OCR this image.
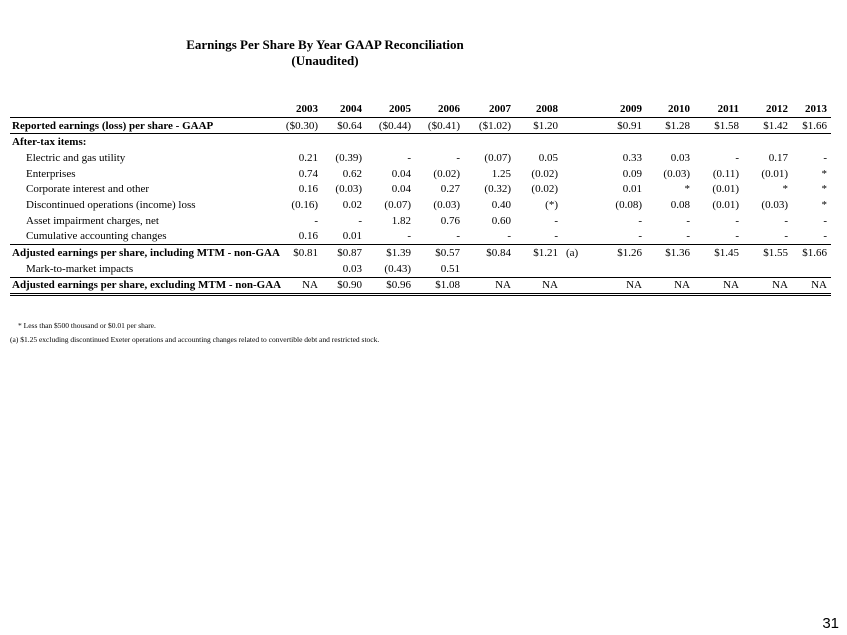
Earnings Per Share By Year GAAP Reconciliation
(Unaudited)
	2003	2004	2005	2006	2007	2008		2009	2010	2011	2012	2013
Reported earnings (loss) per share - GAAP	($0.30)	$0.64	($0.44)	($0.41)	($1.02)	$1.20		$0.91	$1.28	$1.58	$1.42	$1.66
After-tax items:												
Electric and gas utility	0.21	(0.39)	-	-	(0.07)	0.05		0.33	0.03	-	0.17	-
Enterprises	0.74	0.62	0.04	(0.02)	1.25	(0.02)		0.09	(0.03)	(0.11)	(0.01)	*
Corporate interest and other	0.16	(0.03)	0.04	0.27	(0.32)	(0.02)		0.01	*	(0.01)	*	*
Discontinued operations (income) loss	(0.16)	0.02	(0.07)	(0.03)	0.40	(*)		(0.08)	0.08	(0.01)	(0.03)	*
Asset impairment charges, net	-	-	1.82	0.76	0.60	-		-	-	-	-	-
Cumulative accounting changes	0.16	0.01	-	-	-	-		-	-	-	-	-
Adjusted earnings per share, including MTM - non-GAA	$0.81	$0.87	$1.39	$0.57	$0.84	$1.21	(a)	$1.26	$1.36	$1.45	$1.55	$1.66
Mark-to-market impacts		0.03	(0.43)	0.51								
Adjusted earnings per share, excluding MTM - non-GAA	NA	$0.90	$0.96	$1.08	NA	NA		NA	NA	NA	NA	NA
* Less than $500 thousand or $0.01 per share.
(a) $1.25 excluding discontinued Exeter operations and accounting changes related to convertible debt and restricted stock.
31
